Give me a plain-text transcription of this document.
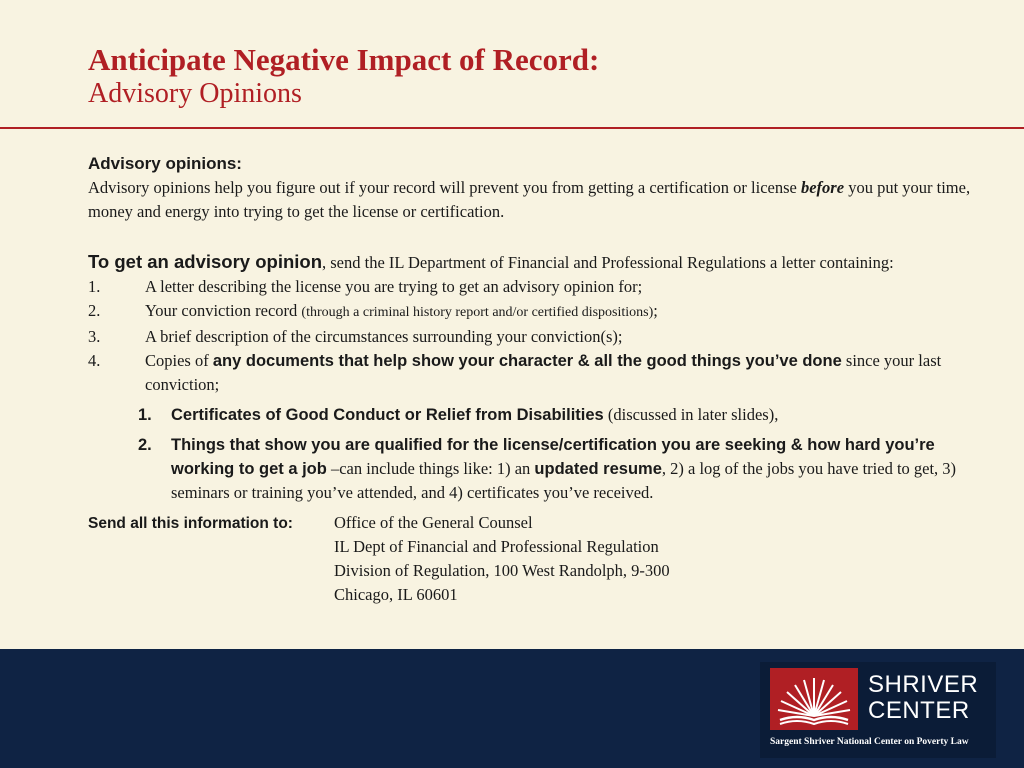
Anticipate Negative Impact of Record:
Advisory Opinions
Advisory opinions:

Advisory opinions help you figure out if your record will prevent you from getting a certification or license before you put your time, money and energy into trying to get the license or certification.

To get an advisory opinion, send the IL Department of Financial and Professional Regulations a letter containing:

1.	A letter describing the license you are trying to get an advisory opinion for;
2.	Your conviction record (through a criminal history report and/or certified dispositions);
3.	A brief description of the circumstances surrounding your conviction(s);
4.	Copies of any documents that help show your character & all the good things you’ve done since your last conviction;
1. Certificates of Good Conduct or Relief from Disabilities (discussed in later slides),
2. Things that show you are qualified for the license/certification you are seeking & how hard you’re working to get a job –can include things like: 1) an updated resume, 2) a log of the jobs you have tried to get, 3) seminars or training you’ve attended, and 4) certificates you’ve received.
Send all this information to: Office of the General Counsel
IL Dept of Financial and Professional Regulation
Division of Regulation, 100 West Randolph, 9-300
Chicago, IL 60601
SHRIVER
CENTER
Sargent Shriver National Center on Poverty Law
